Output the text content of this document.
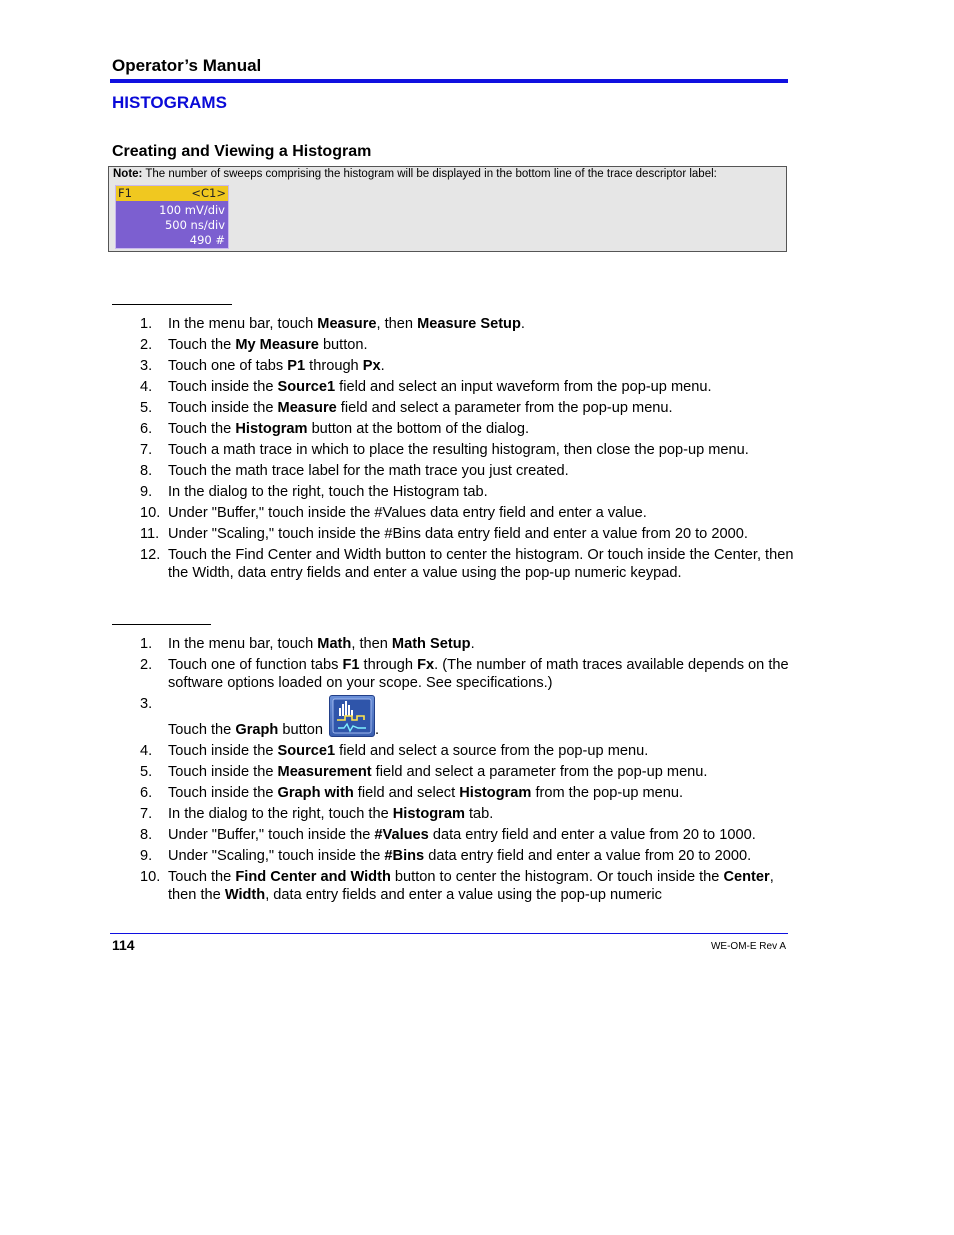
Operator’s Manual
HISTOGRAMS
Creating and Viewing a Histogram
Note: The number of sweeps comprising the histogram will be displayed in the bottom line of the trace descriptor label:
F1	<C1>
100 mV/div
500 ns/div
490 #
1.	In the menu bar, touch Measure, then Measure Setup.
2.	Touch the My Measure button.
3.	Touch one of tabs P1 through Px.
4.	Touch inside the Source1 field and select an input waveform from the pop-up menu.
5.	Touch inside the Measure field and select a parameter from the pop-up menu.
6.	Touch the Histogram button at the bottom of the dialog.
7.	Touch a math trace in which to place the resulting histogram, then close the pop-up menu.
8.	Touch the math trace label for the math trace you just created.
9.	In the dialog to the right, touch the Histogram tab.
10. Under "Buffer," touch inside the #Values data entry field and enter a value.
11. Under "Scaling," touch inside the #Bins data entry field and enter a value from 20 to 2000.
12. Touch the Find Center and Width button to center the histogram. Or touch inside the Center, then the Width, data entry fields and enter a value using the pop-up numeric keypad.
1.	In the menu bar, touch Math, then Math Setup.
2.	Touch one of function tabs F1 through Fx. (The number of math traces available depends on the software options loaded on your scope. See specifications.)
3.
Touch the Graph button	.
4.	Touch inside the Source1 field and select a source from the pop-up menu.
5.	Touch inside the Measurement field and select a parameter from the pop-up menu.
6.	Touch inside the Graph with field and select Histogram from the pop-up menu.
7.	In the dialog to the right, touch the Histogram tab.
8.	Under "Buffer," touch inside the #Values data entry field and enter a value from 20 to 1000.
9.	Under "Scaling," touch inside the #Bins data entry field and enter a value from 20 to 2000.
10. Touch the Find Center and Width button to center the histogram. Or touch inside the Center, then the Width, data entry fields and enter a value using the pop-up numeric
114	WE-OM-E Rev A
